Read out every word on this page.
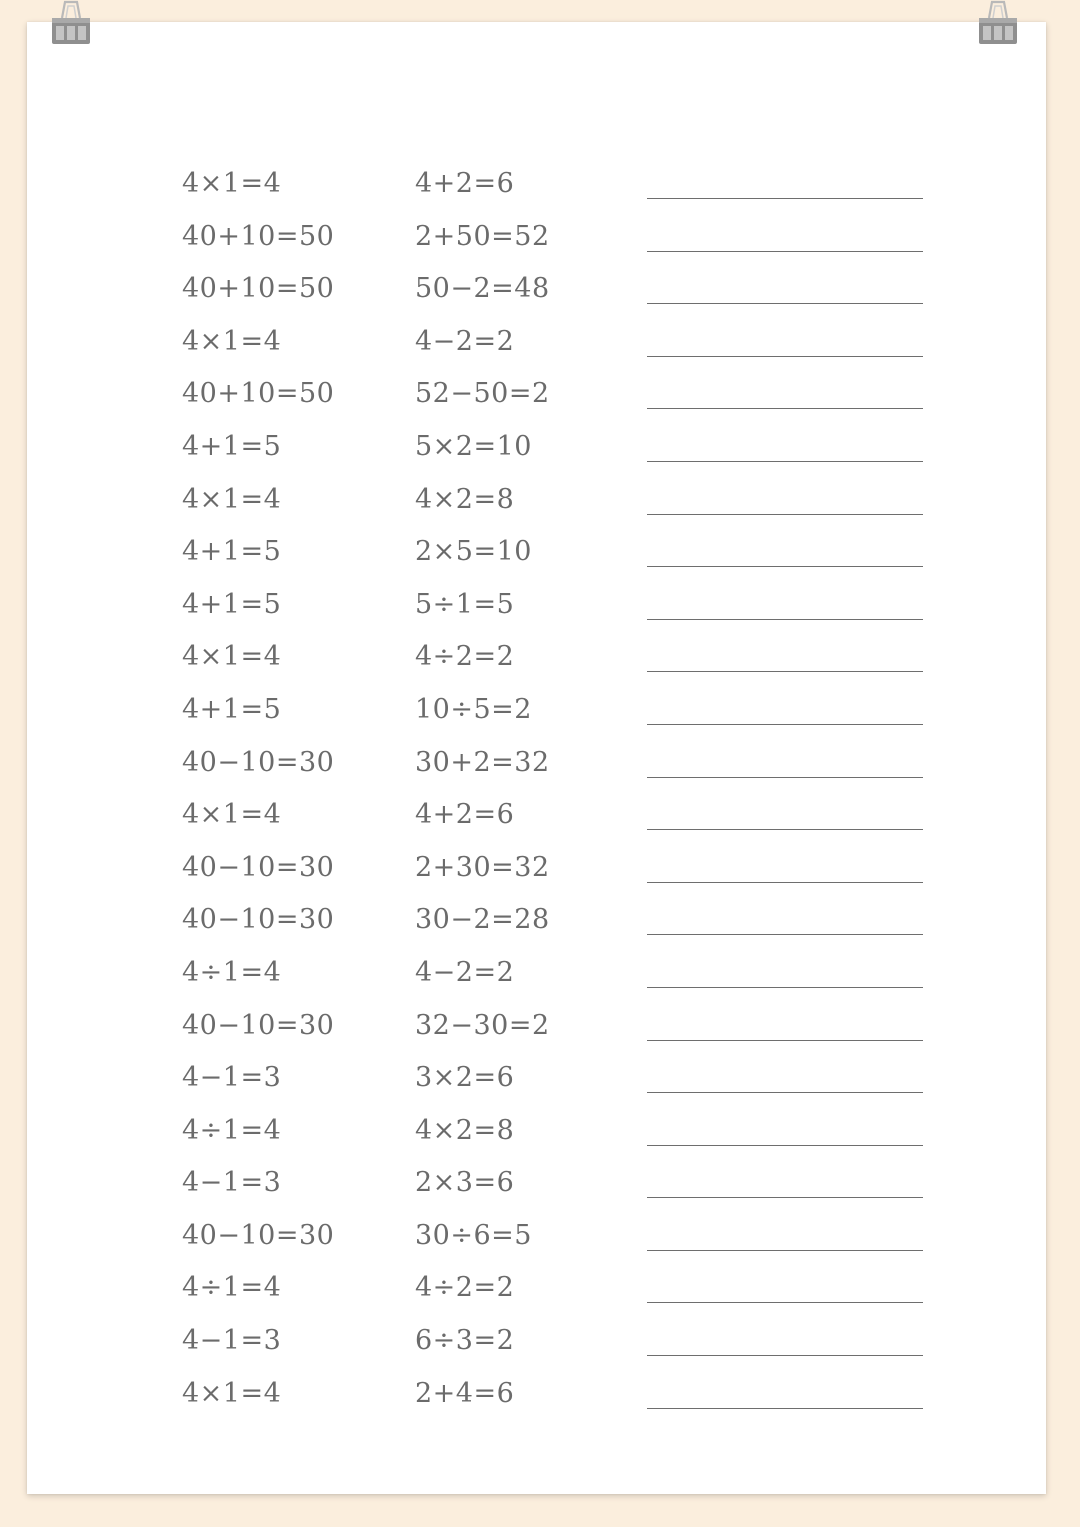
4×1=4	4+2=6
40+10=50	2+50=52
40+10=50	50−2=48
4×1=4	4−2=2
40+10=50	52−50=2
4+1=5	5×2=10
4×1=4	4×2=8
4+1=5	2×5=10
4+1=5	5÷1=5
4×1=4	4÷2=2
4+1=5	10÷5=2
40−10=30	30+2=32
4×1=4	4+2=6
40−10=30	2+30=32
40−10=30	30−2=28
4÷1=4	4−2=2
40−10=30	32−30=2
4−1=3	3×2=6
4÷1=4	4×2=8
4−1=3	2×3=6
40−10=30	30÷6=5
4÷1=4	4÷2=2
4−1=3	6÷3=2
4×1=4	2+4=6
